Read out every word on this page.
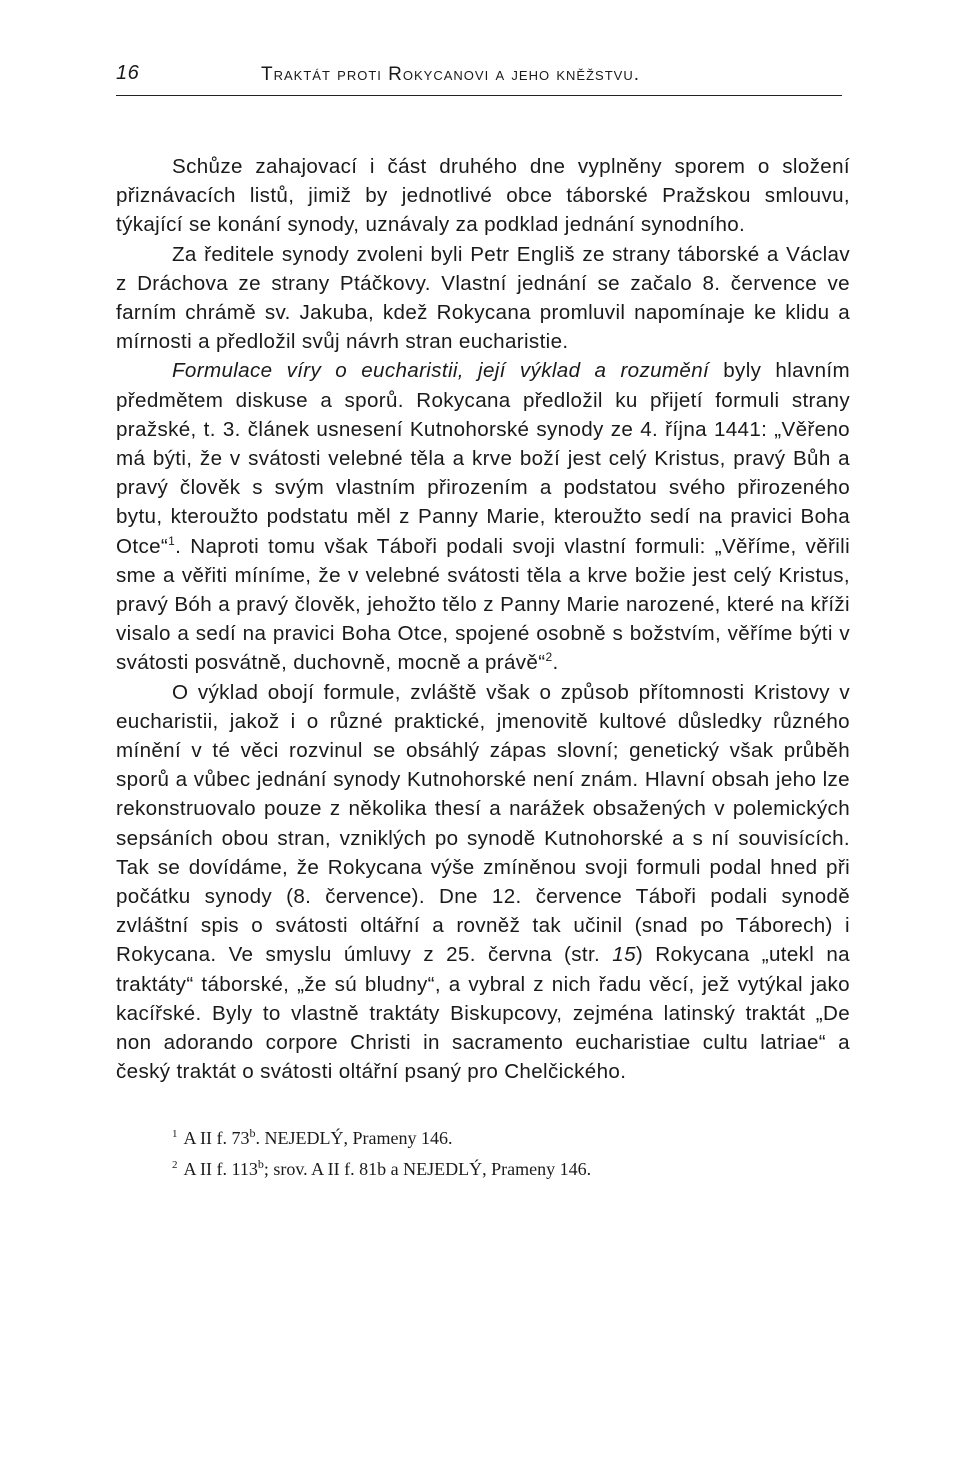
16	Traktát proti Rokycanovi a jeho kněžstvu.

Schůze zahajovací i část druhého dne vyplněny sporem o složení přiznávacích listů, jimiž by jednotlivé obce táborské Pražskou smlouvu, týkající se konání synody, uznávaly za podklad jednání synodního.

Za ředitele synody zvoleni byli Petr Engliš ze strany táborské a Václav z Dráchova ze strany Ptáčkovy. Vlastní jednání se začalo 8. července ve farním chrámě sv. Jakuba, kdež Rokycana promluvil napomínaje ke klidu a mírnosti a předložil svůj návrh stran eucharistie.

Formulace víry o eucharistii, její výklad a rozumění byly hlavním předmětem diskuse a sporů. Rokycana předložil ku přijetí formuli strany pražské, t. 3. článek usnesení Kutnohorské synody ze 4. října 1441: „Věřeno má býti, že v svátosti velebné těla a krve boží jest celý Kristus, pravý Bůh a pravý člověk s svým vlastním přirozením a podstatou svého přirozeného bytu, kteroužto podstatu měl z Panny Marie, kteroužto sedí na pravici Boha Otce“$^1$. Naproti tomu však Táboři podali svoji vlastní formuli: „Věříme, věřili sme a věřiti míníme, že v velebné svátosti těla a krve božie jest celý Kristus, pravý Bóh a pravý člověk, jehožto tělo z Panny Marie narozené, které na kříži visalo a sedí na pravici Boha Otce, spojené osobně s božstvím, věříme býti v svátosti posvátně, duchovně, mocně a právě“$^2$.

O výklad obojí formule, zvláště však o způsob přítomnosti Kristovy v eucharistii, jakož i o různé praktické, jmenovitě kultové důsledky různého mínění v té věci rozvinul se obsáhlý zápas slovní; genetický však průběh sporů a vůbec jednání synody Kutnohorské není znám. Hlavní obsah jeho lze rekonstruovalo pouze z několika thesí a narážek obsažených v polemických sepsáních obou stran, vzniklých po synodě Kutnohorské a s ní souvisících. Tak se dovídáme, že Rokycana výše zmíněnou svoji formuli podal hned při počátku synody (8. července). Dne 12. července Táboři podali synodě zvláštní spis o svátosti oltářní a rovněž tak učinil (snad po Táborech) i Rokycana. Ve smyslu úmluvy z 25. června (str. 15) Rokycana „utekl na traktáty“ táborské, „že sú bludny“, a vybral z nich řadu věcí, jež vytýkal jako kacířské. Byly to vlastně traktáty Biskupcovy, zejména latinský traktát „De non adorando corpore Christi in sacramento eucharistiae cultu latriae“ a český traktát o svátosti oltářní psaný pro Chelčického.

$^1$ A II f. 73$^b$. NEJEDLÝ, Prameny 146.
$^2$ A II f. 113$^b$; srov. A II f. 81b a NEJEDLÝ, Prameny 146.
